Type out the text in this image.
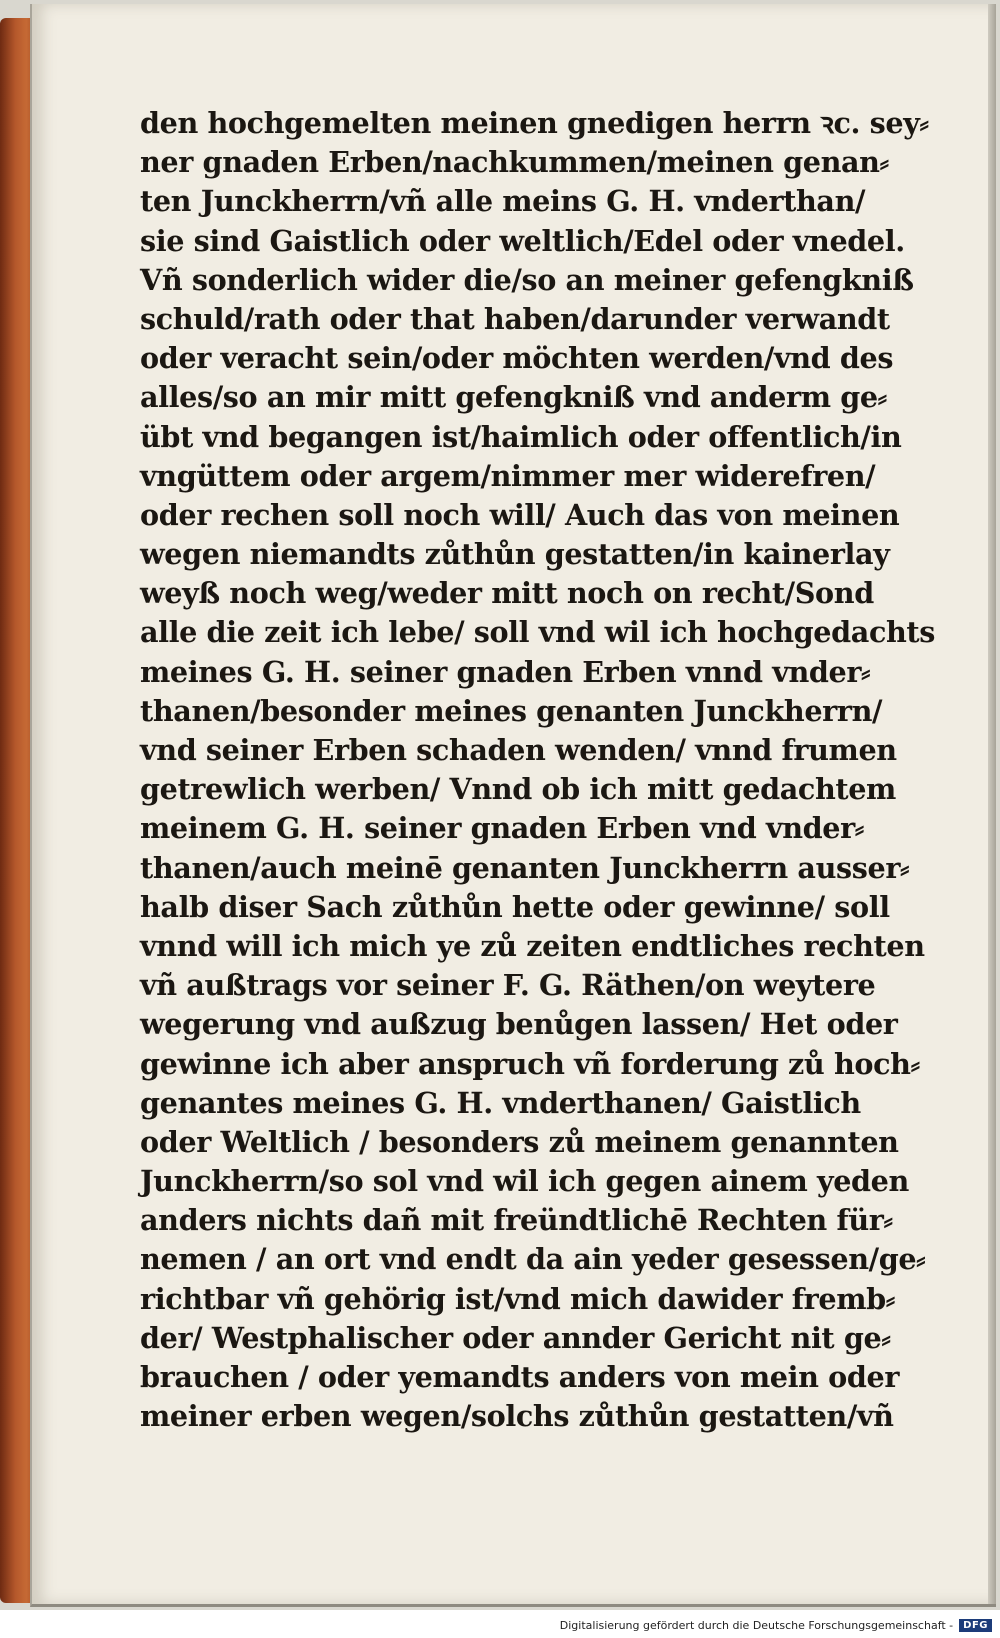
den hochgemelten meinen gnedigen herrn ꝛc. sey⸗
ner gnaden Erben/nachkummen/meinen genan⸗
ten Junckherrn/vñ alle meins G. H. vnderthan/
sie sind Gaistlich oder weltlich/Edel oder vnedel.
Vñ sonderlich wider die/so an meiner gefengkniß
schuld/rath oder that haben/darunder verwandt
oder veracht sein/oder möchten werden/vnd des
alles/so an mir mitt gefengkniß vnd anderm ge⸗
übt vnd begangen ist/haimlich oder offentlich/in
vngüttem oder argem/nimmer mer widerefren/
oder rechen soll noch will/ Auch das von meinen
wegen niemandts zůthůn gestatten/in kainerlay
weyß noch weg/weder mitt noch on recht/Sond
alle die zeit ich lebe/ soll vnd wil ich hochgedachts
meines G. H. seiner gnaden Erben vnnd vnder⸗
thanen/besonder meines genanten Junckherrn/
vnd seiner Erben schaden wenden/ vnnd frumen
getrewlich werben/ Vnnd ob ich mitt gedachtem
meinem G. H. seiner gnaden Erben vnd vnder⸗
thanen/auch meinē genanten Junckherrn ausser⸗
halb diser Sach zůthůn hette oder gewinne/ soll
vnnd will ich mich ye zů zeiten endtliches rechten
vñ außtrags vor seiner F. G. Räthen/on weytere
wegerung vnd außzug benůgen lassen/ Het oder
gewinne ich aber anspruch vñ forderung zů hoch⸗
genantes meines G. H. vnderthanen/ Gaistlich
oder Weltlich / besonders zů meinem genannten
Junckherrn/so sol vnd wil ich gegen ainem yeden
anders nichts dañ mit freündtlichē Rechten für⸗
nemen / an ort vnd endt da ain yeder gesessen/ge⸗
richtbar vñ gehörig ist/vnd mich dawider fremb⸗
der/ Westphalischer oder annder Gericht nit ge⸗
brauchen / oder yemandts anders von mein oder
meiner erben wegen/solchs zůthůn gestatten/vñ
Digitalisierung gefördert durch die Deutsche Forschungsgemeinschaft -	DFG
